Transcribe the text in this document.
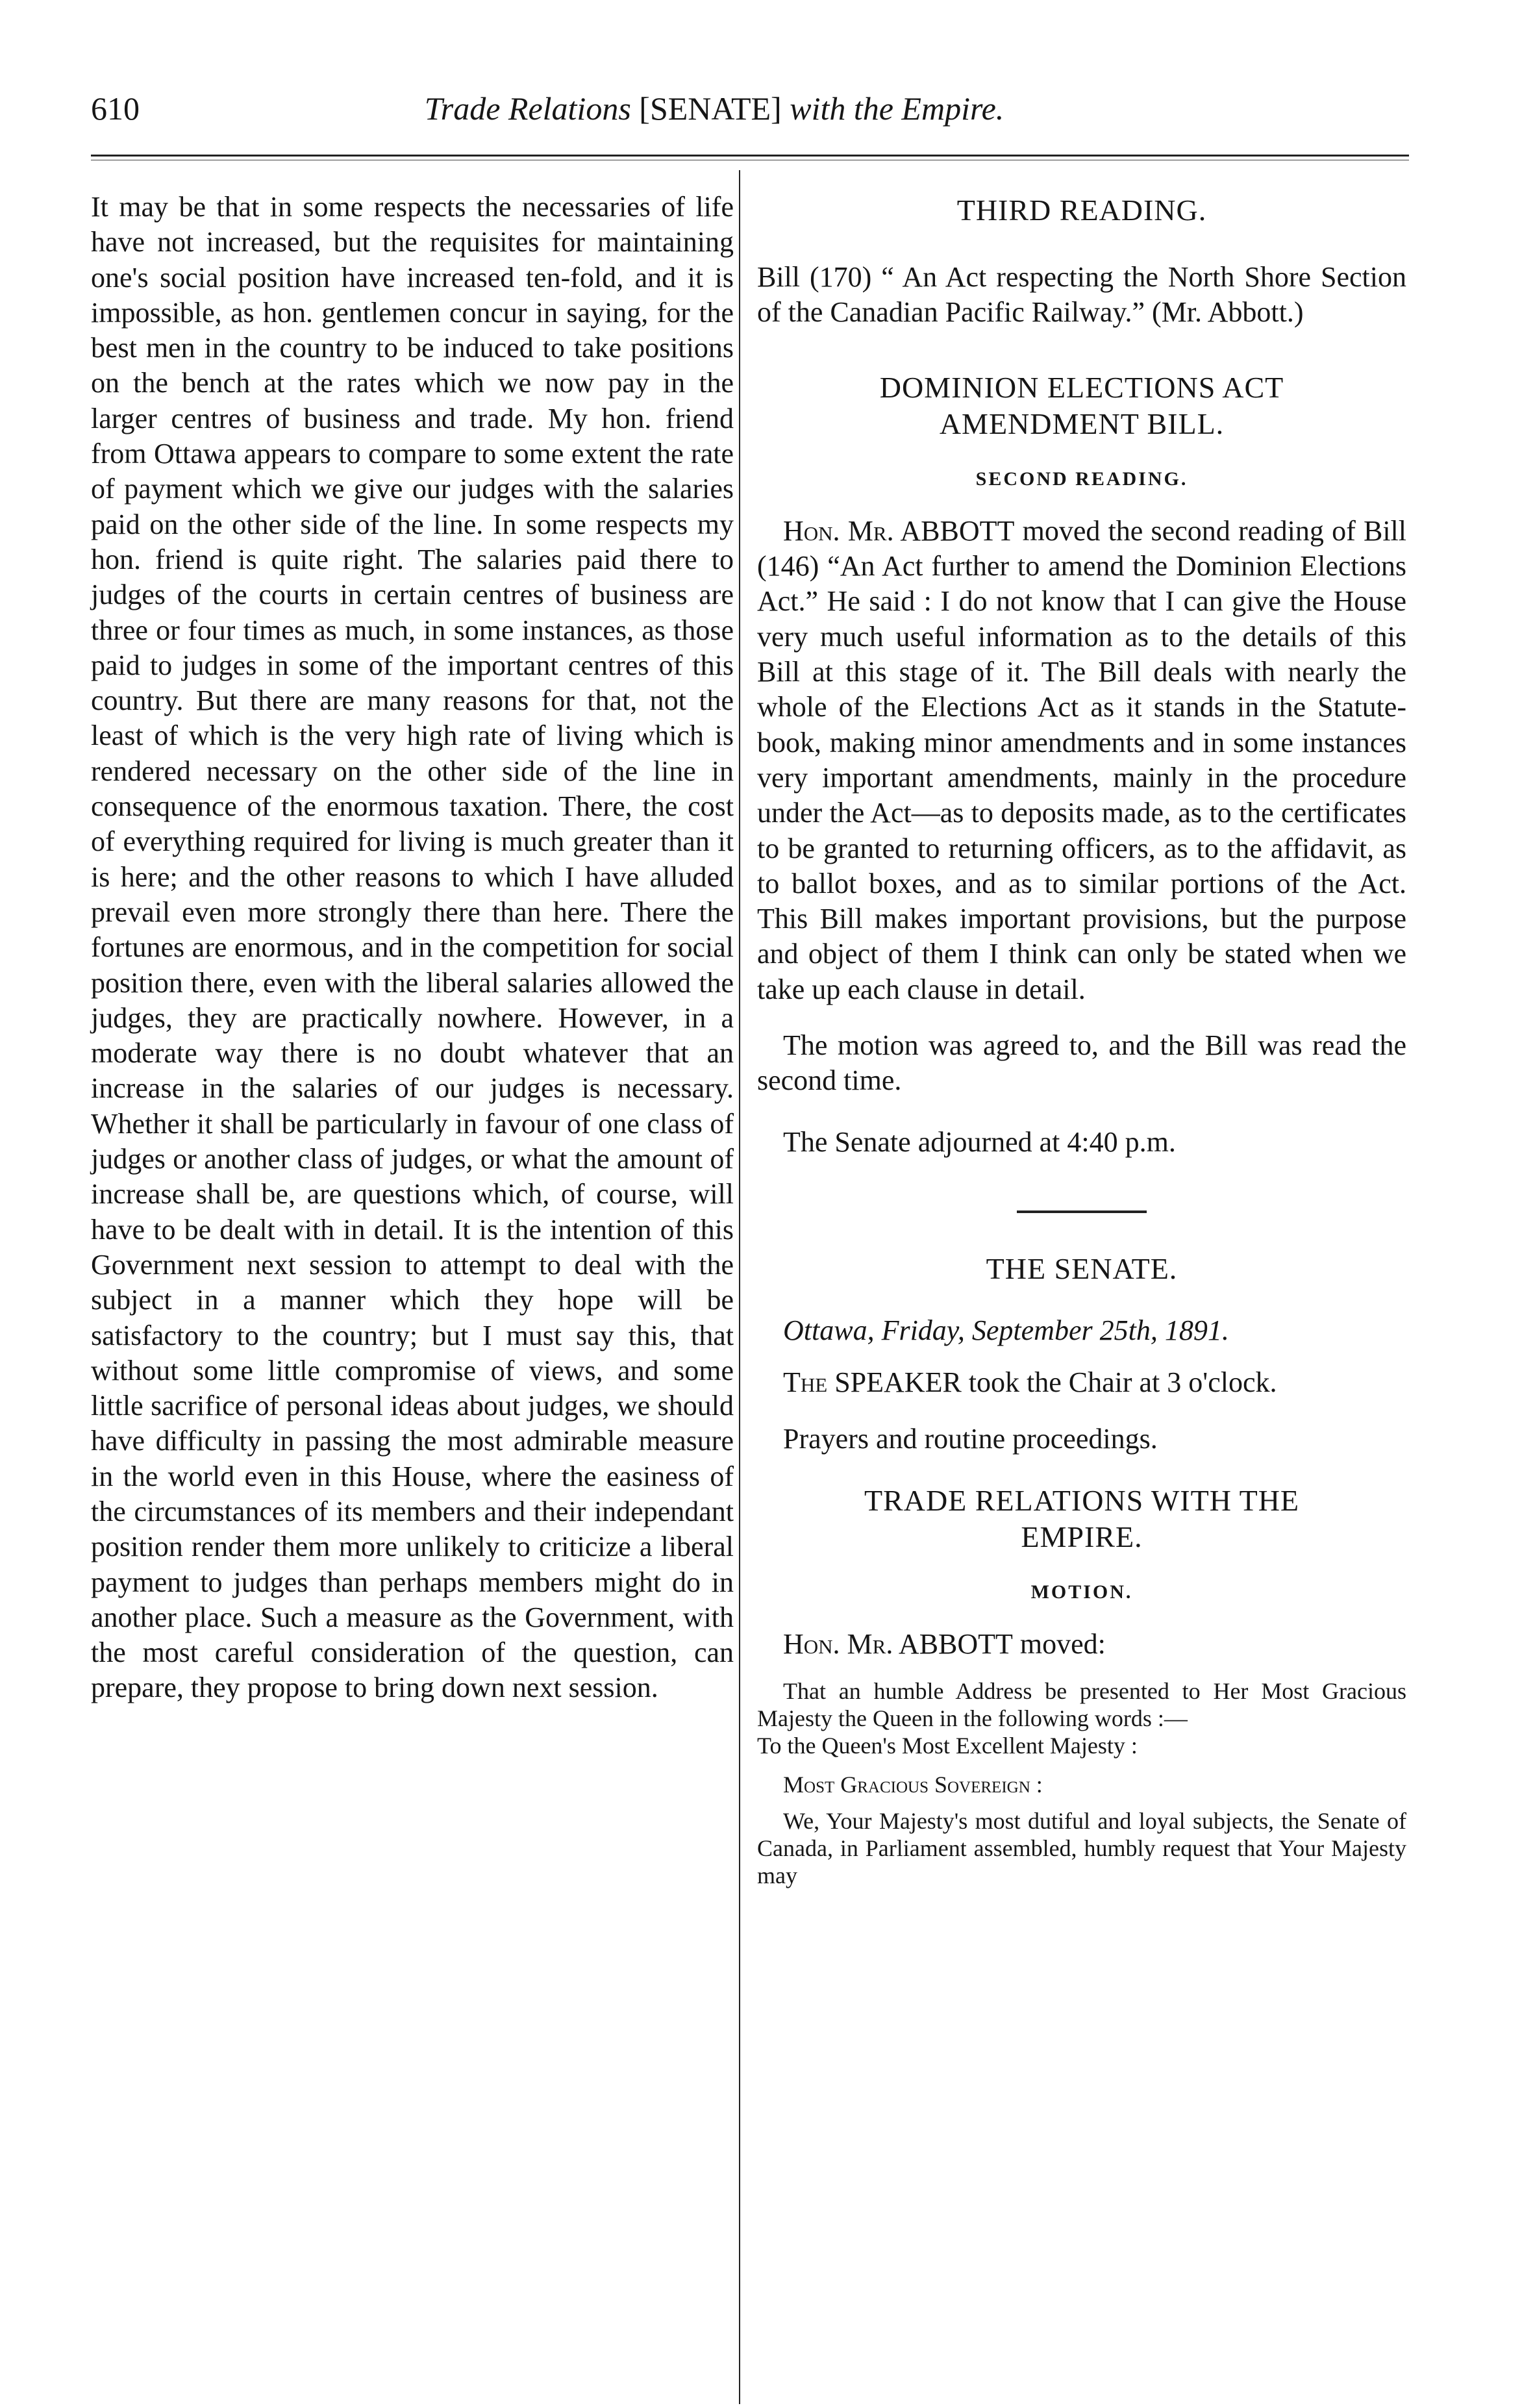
610	Trade Relations [SENATE] with the Empire.

It may be that in some respects the necessaries of life have not increased, but the requisites for maintaining one's social position have increased ten-fold, and it is impossible, as hon. gentlemen concur in saying, for the best men in the country to be induced to take positions on the bench at the rates which we now pay in the larger centres of business and trade. My hon. friend from Ottawa appears to compare to some extent the rate of payment which we give our judges with the salaries paid on the other side of the line. In some respects my hon. friend is quite right. The salaries paid there to judges of the courts in certain centres of business are three or four times as much, in some instances, as those paid to judges in some of the important centres of this country. But there are many reasons for that, not the least of which is the very high rate of living which is rendered necessary on the other side of the line in consequence of the enormous taxation. There, the cost of everything required for living is much greater than it is here; and the other reasons to which I have alluded prevail even more strongly there than here. There the fortunes are enormous, and in the competition for social position there, even with the liberal salaries allowed the judges, they are practically nowhere. However, in a moderate way there is no doubt whatever that an increase in the salaries of our judges is necessary. Whether it shall be particularly in favour of one class of judges or another class of judges, or what the amount of increase shall be, are questions which, of course, will have to be dealt with in detail. It is the intention of this Government next session to attempt to deal with the subject in a manner which they hope will be satisfactory to the country; but I must say this, that without some little compromise of views, and some little sacrifice of personal ideas about judges, we should have difficulty in passing the most admirable measure in the world even in this House, where the easiness of the circumstances of its members and their independant position render them more unlikely to criticize a liberal payment to judges than perhaps members might do in another place. Such a measure as the Government, with the most careful consideration of the question, can prepare, they propose to bring down next session.

THIRD READING.

Bill (170) “ An Act respecting the North Shore Section of the Canadian Pacific Railway.” (Mr. Abbott.)

DOMINION ELECTIONS ACT

AMENDMENT BILL.

SECOND READING.

Hon. Mr. ABBOTT moved the second reading of Bill (146) “An Act further to amend the Dominion Elections Act.” He said : I do not know that I can give the House very much useful information as to the details of this Bill at this stage of it. The Bill deals with nearly the whole of the Elections Act as it stands in the Statute-book, making minor amendments and in some instances very important amendments, mainly in the procedure under the Act—as to deposits made, as to the certificates to be granted to returning officers, as to the affidavit, as to ballot boxes, and as to similar portions of the Act. This Bill makes important provisions, but the purpose and object of them I think can only be stated when we take up each clause in detail.

The motion was agreed to, and the Bill was read the second time.

The Senate adjourned at 4:40 p.m.

THE SENATE.

Ottawa, Friday, September 25th, 1891.

The SPEAKER took the Chair at 3 o'clock.

Prayers and routine proceedings.

TRADE RELATIONS WITH THE

EMPIRE.

MOTION.

Hon. Mr. ABBOTT moved:

That an humble Address be presented to Her Most Gracious Majesty the Queen in the following words :—

To the Queen's Most Excellent Majesty :

Most Gracious Sovereign :

We, Your Majesty's most dutiful and loyal subjects, the Senate of Canada, in Parliament assembled, humbly request that Your Majesty may
